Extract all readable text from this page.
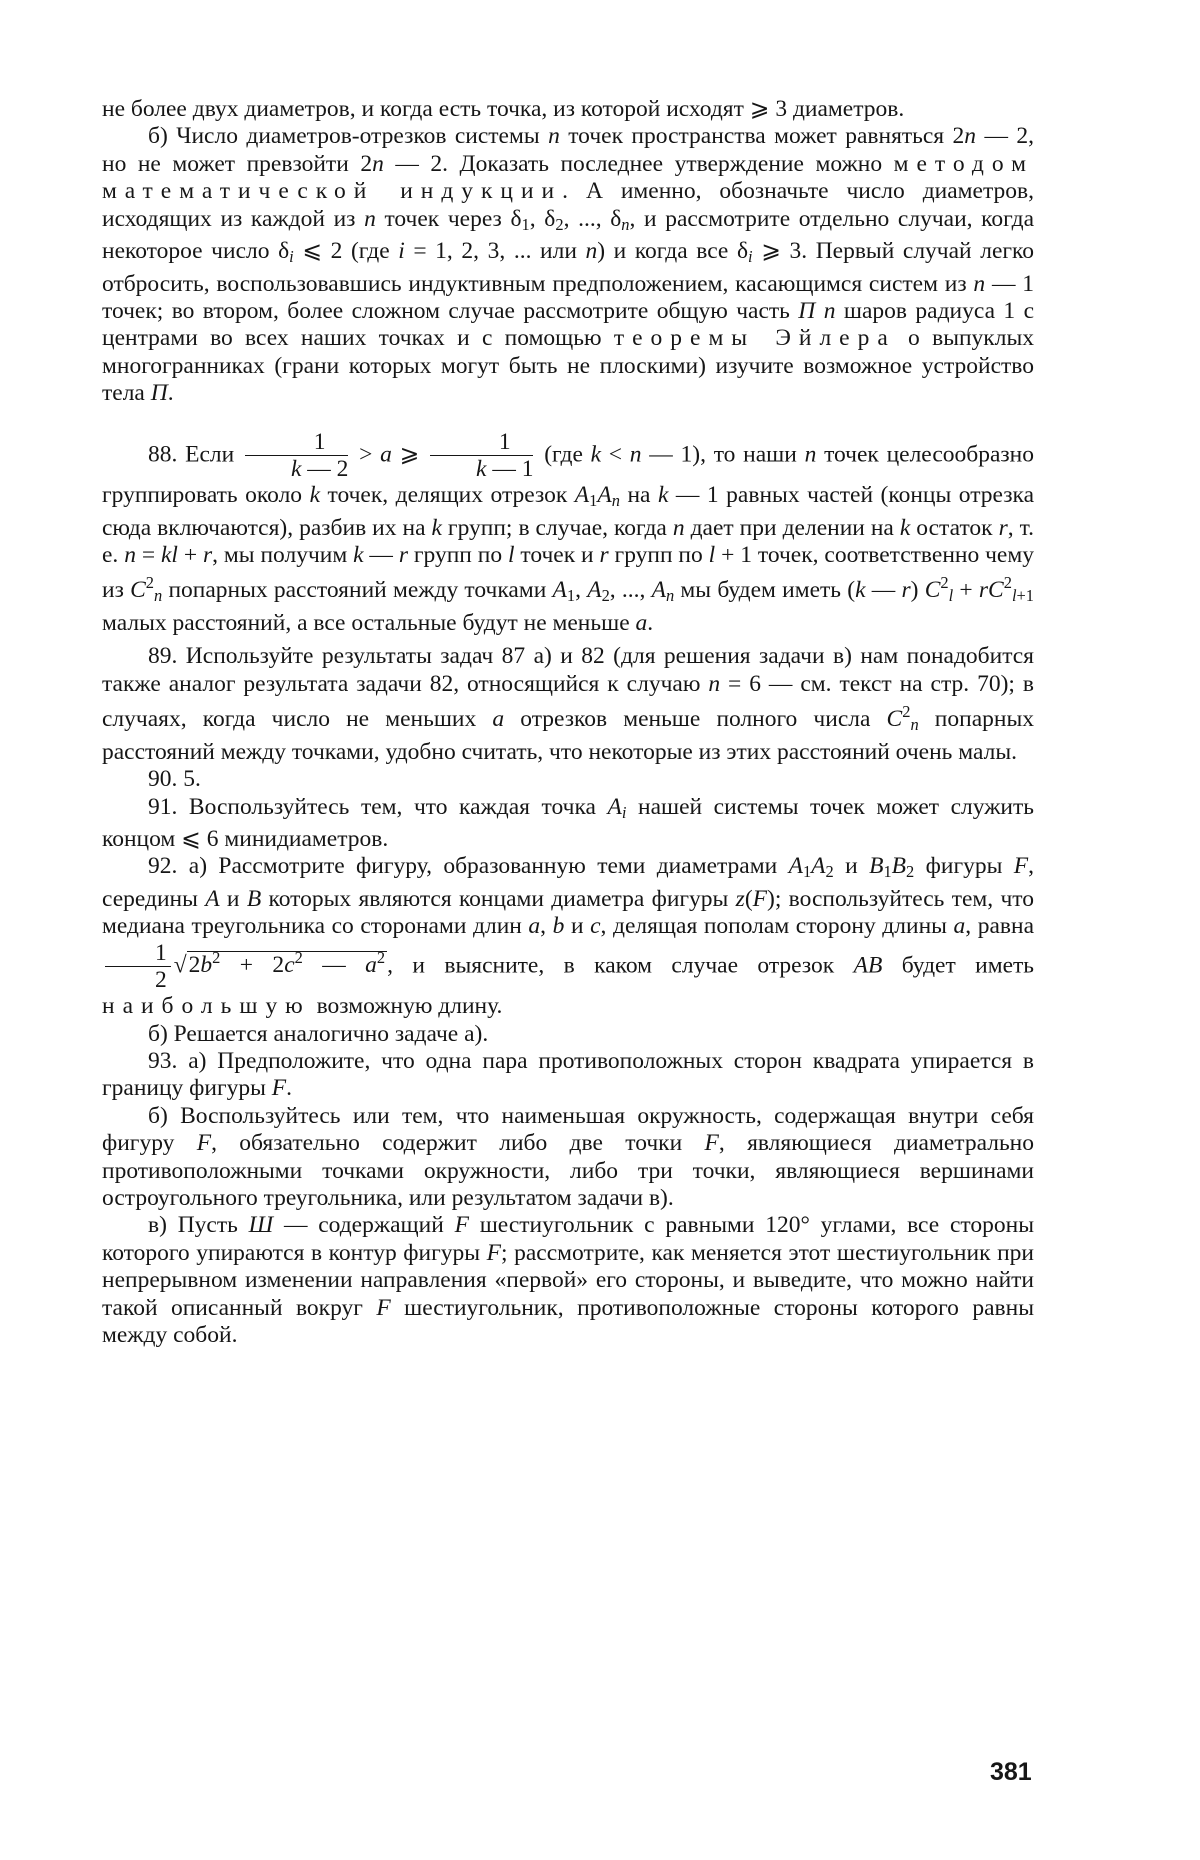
не более двух диаметров, и когда есть точка, из которой исходят ⩾ 3 диаметров.

б) Число диаметров-отрезков системы n точек пространства может равняться 2n — 2, но не может превзойти 2n — 2. Доказать последнее утверждение можно методом математической индукции. А именно, обозначьте число диаметров, исходящих из каждой из n точек через $\delta_1$, $\delta_2$, ..., $\delta_n$, и рассмотрите отдельно случаи, когда некоторое число $\delta_i$ ⩽ 2 (где i = 1, 2, 3, ... или n) и когда все $\delta_i$ ⩾ 3. Первый случай легко отбросить, воспользовавшись индуктивным предположением, касающимся систем из n — 1 точек; во втором, более сложном случае рассмотрите общую часть П n шаров радиуса 1 с центрами во всех наших точках и с помощью теоремы Эйлера о выпуклых многогранниках (грани которых могут быть не плоскими) изучите возможное устройство тела П.

88. Если $\frac{1}{k — 2} > a$ ⩾ $\frac{1}{k — 1} (где$ k < n — 1), то наши n точек целесообразно группировать около k точек, делящих отрезок $A_1A_n$ на k — 1 равных частей (концы отрезка сюда включаются), разбив их на k групп; в случае, когда n дает при делении на k остаток r, т. е. n = kl + r, мы получим k — r групп по l точек и r групп по l + 1 точек, соответственно чему из $C^2_n$ попарных расстояний между точками $A_1$, $A_2$, ..., $A_n$ мы будем иметь (k — r) $C^2_l + rC^2_{l+1}$ малых расстояний, а все остальные будут не меньше a.

89. Используйте результаты задач 87 а) и 82 (для решения задачи в) нам понадобится также аналог результата задачи 82, относящийся к случаю n = 6 — см. текст на стр. 70); в случаях, когда число не меньших a отрезков меньше полного числа $C^2_n$ попарных расстояний между точками, удобно считать, что некоторые из этих расстояний очень малы.

90. 5.

91. Воспользуйтесь тем, что каждая точка $A_i$ нашей системы точек может служить концом ⩽ 6 минидиаметров.

92. а) Рассмотрите фигуру, образованную теми диаметрами $A_1A_2$ и $B_1B_2$ фигуры F, середины A и B которых являются концами диаметра фигуры z(F); воспользуйтесь тем, что медиана треугольника со сторонами длин a, b и c, делящая пополам сторону длины a, равна
$\frac{1}{2} √2b^2 + 2c^2$ — $a^2$, и выясните, в каком случае отрезок AB будет иметь наибольшую возможную длину.

б) Решается аналогично задаче а).

93. а) Предположите, что одна пара противоположных сторон квадрата упирается в границу фигуры F.

б) Воспользуйтесь или тем, что наименьшая окружность, содержащая внутри себя фигуру F, обязательно содержит либо две точки F, являющиеся диаметрально противоположными точками окружности, либо три точки, являющиеся вершинами остроугольного треугольника, или результатом задачи в).

в) Пусть Ш — содержащий F шестиугольник с равными 120° углами, все стороны которого упираются в контур фигуры F; рассмотрите, как меняется этот шестиугольник при непрерывном изменении направления «первой» его стороны, и выведите, что можно найти такой описанный вокруг F шестиугольник, противоположные стороны которого равны между собой.

381
